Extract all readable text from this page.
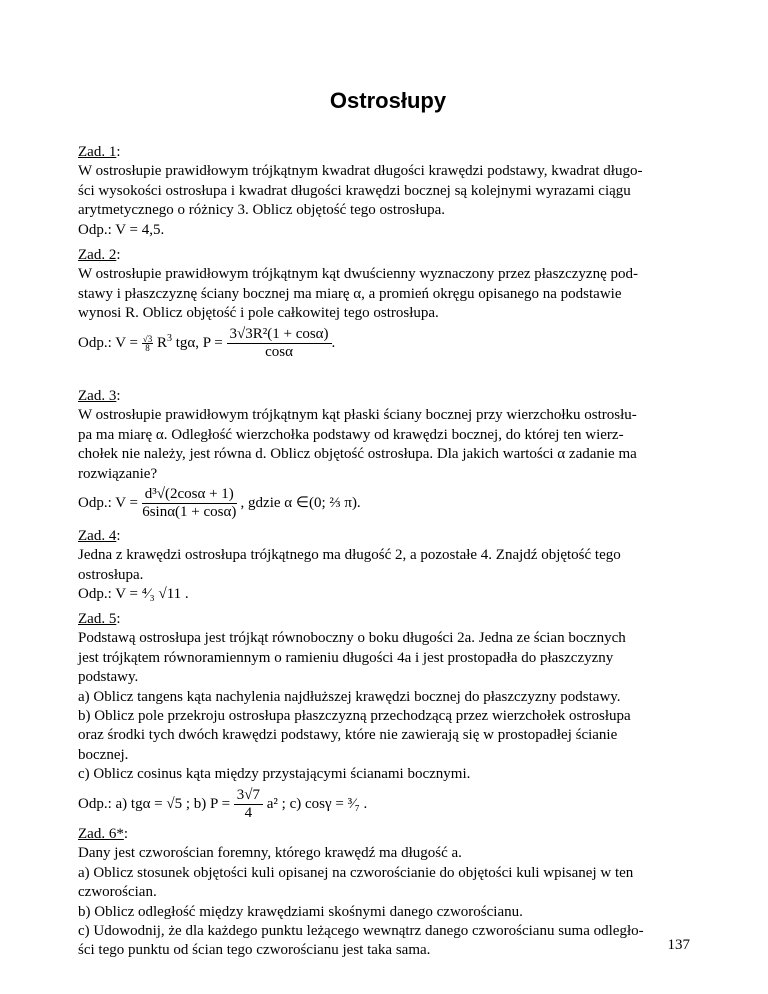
Ostrosłupy
Zad. 1:
W ostrosłupie prawidłowym trójkątnym kwadrat długości krawędzi podstawy, kwadrat długo-
ści wysokości ostrosłupa i kwadrat długości krawędzi bocznej są kolejnymi wyrazami ciągu
arytmetycznego o różnicy 3. Oblicz objętość tego ostrosłupa.
Odp.: V = 4,5.
Zad. 2:
W ostrosłupie prawidłowym trójkątnym kąt dwuścienny wyznaczony przez płaszczyznę pod-
stawy i płaszczyznę ściany bocznej ma miarę α, a promień okręgu opisanego na podstawie
wynosi R. Oblicz objętość i pole całkowitej tego ostrosłupa.
Odp.: $V = \frac{√3}{8} R^3$ tgα, $P = \frac{\text{3√3R²(1 + cosα)}}{\cos\alpha}$ .
Zad. 3:
W ostrosłupie prawidłowym trójkątnym kąt płaski ściany bocznej przy wierzchołku ostrosłu-
pa ma miarę α. Odległość wierzchołka podstawy od krawędzi bocznej, do której ten wierz-
chołek nie należy, jest równa d. Oblicz objętość ostrosłupa. Dla jakich wartości α zadanie ma
rozwiązanie?
Odp.: $V = \frac{\text{d³√(2cosα + 1)}}{6\sin\alpha(1 + \cos\alpha)}$ , gdzie α ∈(0; ⅔ π).
Zad. 4:
Jedna z krawędzi ostrosłupa trójkątnego ma długość 2, a pozostałe 4. Znajdź objętość tego
ostrosłupa.
Odp.: V = ⁴⁄₃ √11 .
Zad. 5:
Podstawą ostrosłupa jest trójkąt równoboczny o boku długości 2a. Jedna ze ścian bocznych
jest trójkątem równoramiennym o ramieniu długości 4a i jest prostopadła do płaszczyzny
podstawy.
a) Oblicz tangens kąta nachylenia najdłuższej krawędzi bocznej do płaszczyzny podstawy.
b) Oblicz pole przekroju ostrosłupa płaszczyzną przechodzącą przez wierzchołek ostrosłupa
oraz środki tych dwóch krawędzi podstawy, które nie zawierają się w prostopadłej ścianie
bocznej.
c) Oblicz cosinus kąta między przystającymi ścianami bocznymi.
Odp.: a) tgα = √5 ; b) $P = \frac{3√7}{4} a^2$ ; c) cosγ = ³⁄₇ .
Zad. 6*:
Dany jest czworościan foremny, którego krawędź ma długość a.
a) Oblicz stosunek objętości kuli opisanej na czworościanie do objętości kuli wpisanej w ten
czworościan.
b) Oblicz odległość między krawędziami skośnymi danego czworościanu.
c) Udowodnij, że dla każdego punktu leżącego wewnątrz danego czworościanu suma odległo-
ści tego punktu od ścian tego czworościanu jest taka sama.	137
